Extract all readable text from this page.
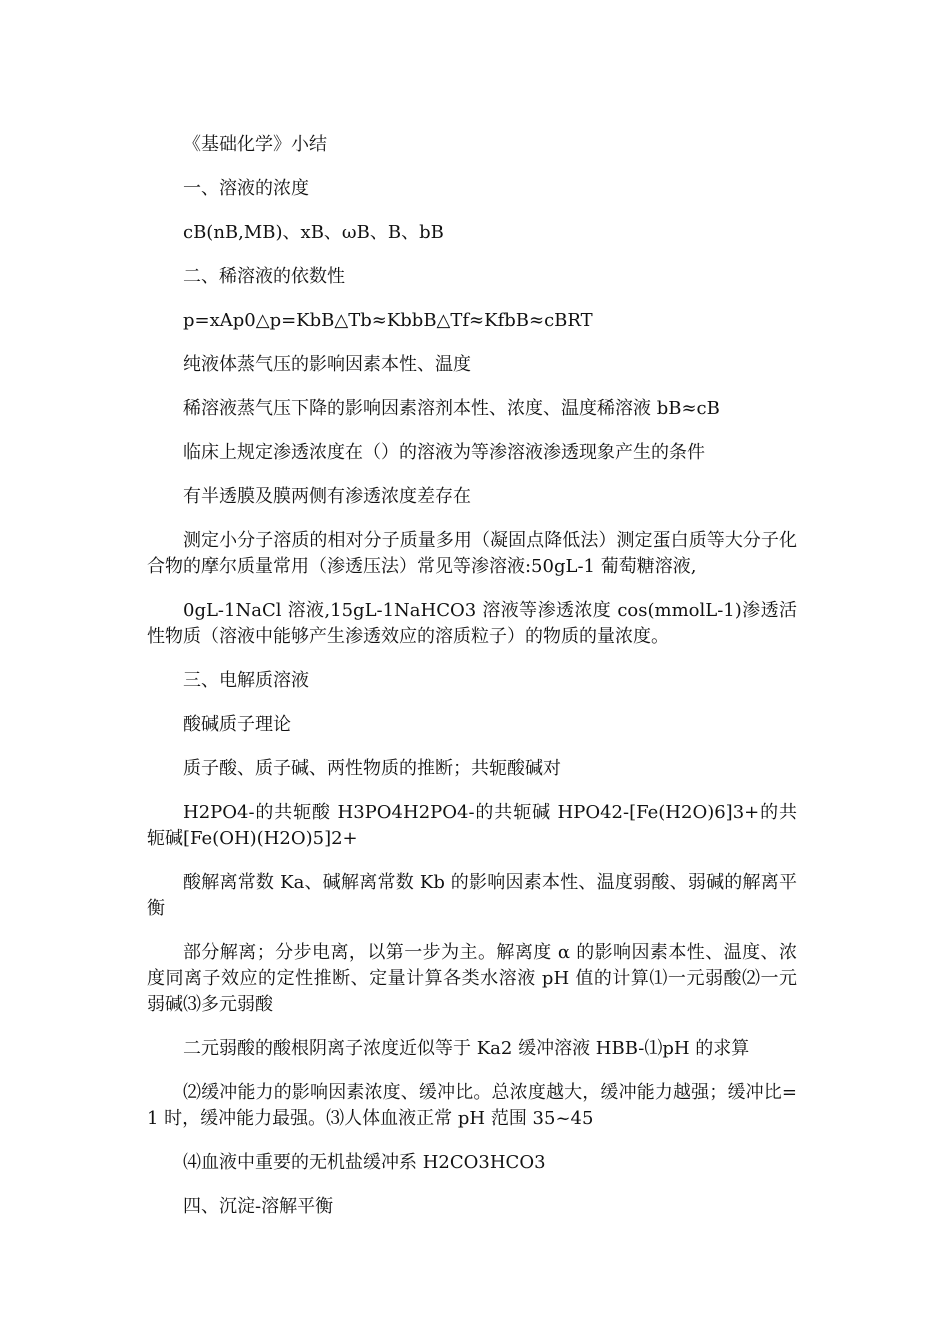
《基础化学》小结

一、溶液的浓度

cB(nB,MB)、xB、ωB、B、bB

二、稀溶液的依数性

p=xAp0△p=KbB△Tb≈KbbB△Tf≈KfbB≈cBRT

纯液体蒸气压的影响因素本性、温度

稀溶液蒸气压下降的影响因素溶剂本性、浓度、温度稀溶液 bB≈cB

临床上规定渗透浓度在（）的溶液为等渗溶液渗透现象产生的条件

有半透膜及膜两侧有渗透浓度差存在

测定小分子溶质的相对分子质量多用（凝固点降低法）测定蛋白质等大分子化合物的摩尔质量常用（渗透压法）常见等渗溶液:50gL-1 葡萄糖溶液,

0gL-1NaCl 溶液,15gL-1NaHCO3 溶液等渗透浓度 cos(mmolL-1)渗透活性物质（溶液中能够产生渗透效应的溶质粒子）的物质的量浓度。

三、电解质溶液

酸碱质子理论

质子酸、质子碱、两性物质的推断；共轭酸碱对

H2PO4-的共轭酸 H3PO4H2PO4-的共轭碱 HPO42-[Fe(H2O)6]3+的共轭碱[Fe(OH)(H2O)5]2+

酸解离常数 Ka、碱解离常数 Kb 的影响因素本性、温度弱酸、弱碱的解离平衡

部分解离；分步电离，以第一步为主。解离度 α 的影响因素本性、温度、浓度同离子效应的定性推断、定量计算各类水溶液 pH 值的计算⑴一元弱酸⑵一元弱碱⑶多元弱酸

二元弱酸的酸根阴离子浓度近似等于 Ka2 缓冲溶液 HBB-⑴pH 的求算

⑵缓冲能力的影响因素浓度、缓冲比。总浓度越大，缓冲能力越强；缓冲比=1 时，缓冲能力最强。⑶人体血液正常 pH 范围 35~45

⑷血液中重要的无机盐缓冲系 H2CO3HCO3

四、沉淀-溶解平衡
